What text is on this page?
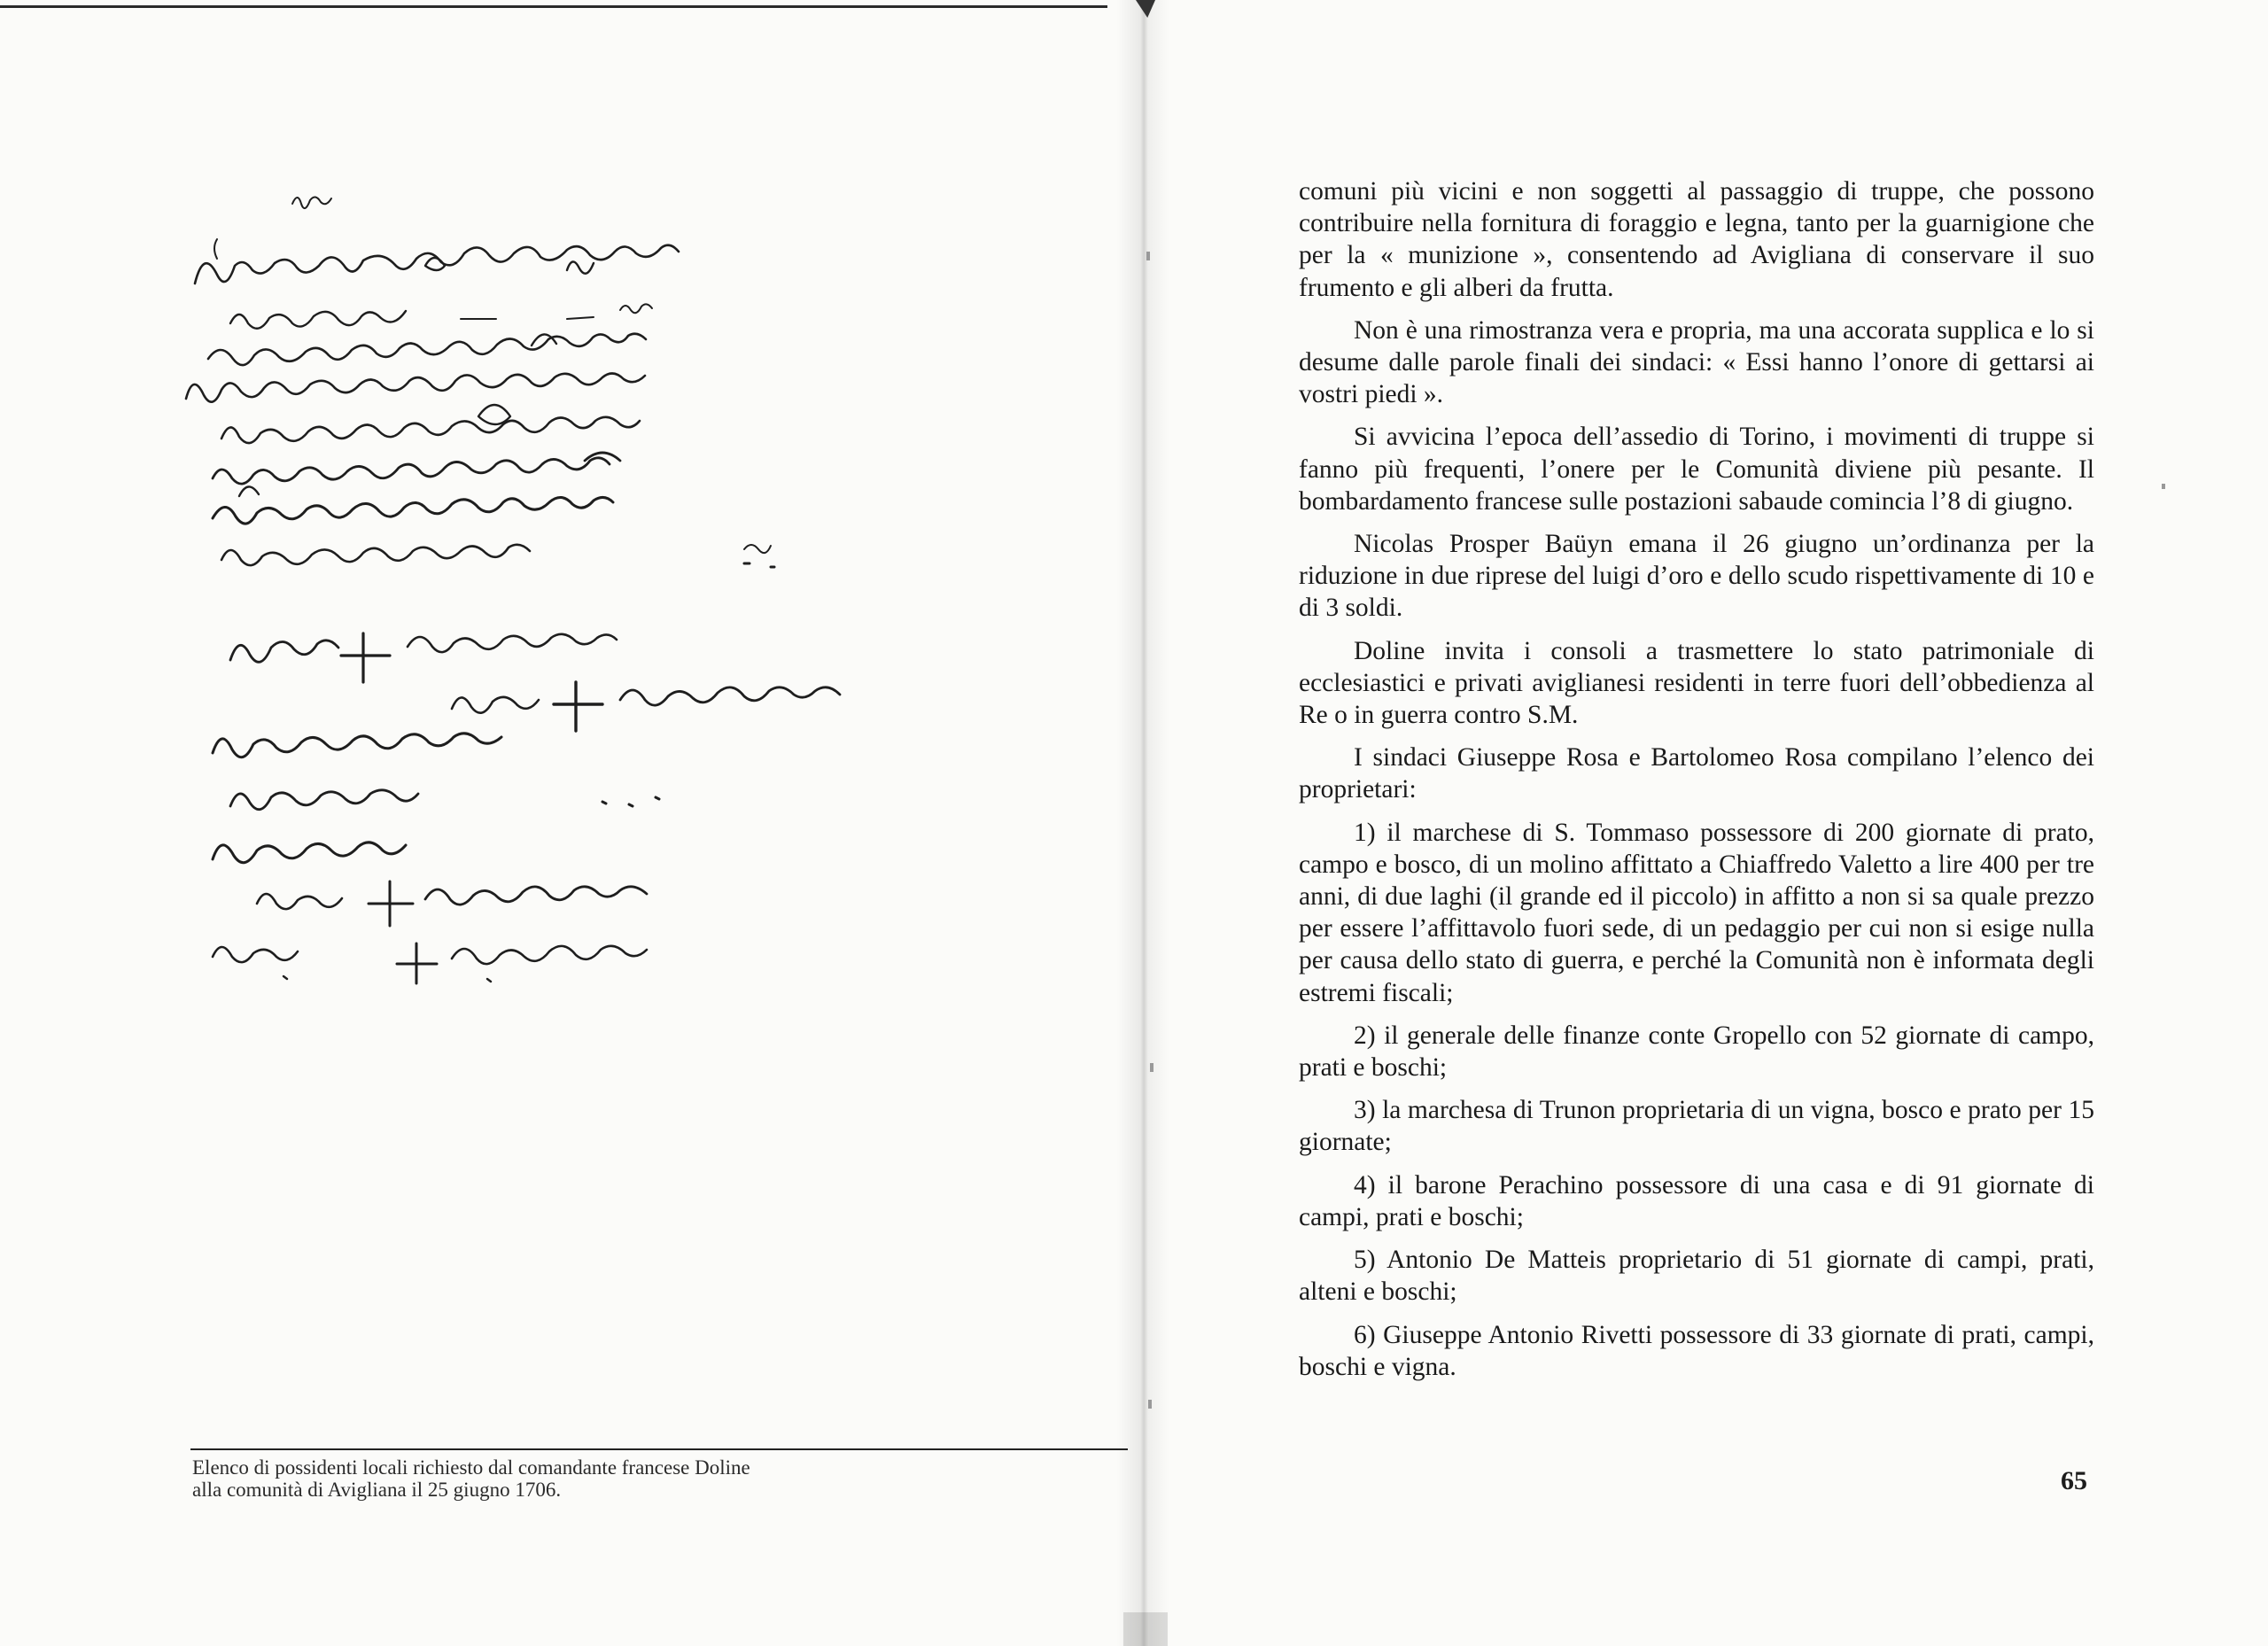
Elenco di possidenti locali richiesto dal comandante francese Doline

alla comunità di Avigliana il 25 giugno 1706.

comuni più vicini e non soggetti al passaggio di truppe, che possono contribuire nella fornitura di foraggio e legna, tanto per la guarnigione che per la « munizione », consentendo ad Avigliana di conservare il suo frumento e gli alberi da frutta.

Non è una rimostranza vera e propria, ma una accorata supplica e lo si desume dalle parole finali dei sindaci: « Essi hanno l’onore di gettarsi ai vostri piedi ».

Si avvicina l’epoca dell’assedio di Torino, i movimenti di truppe si fanno più frequenti, l’onere per le Comunità diviene più pesante. Il bombardamento francese sulle postazioni sabaude comincia l’8 di giugno.

Nicolas Prosper Baüyn emana il 26 giugno un’ordinanza per la riduzione in due riprese del luigi d’oro e dello scudo rispettivamente di 10 e di 3 soldi.

Doline invita i consoli a trasmettere lo stato patrimoniale di ecclesiastici e privati aviglianesi residenti in terre fuori dell’obbedienza al Re o in guerra contro S.M.

I sindaci Giuseppe Rosa e Bartolomeo Rosa compilano l’elenco dei proprietari:

1) il marchese di S. Tommaso possessore di 200 giornate di prato, campo e bosco, di un molino affittato a Chiaffredo Valetto a lire 400 per tre anni, di due laghi (il grande ed il piccolo) in affitto a non si sa quale prezzo per essere l’affittavolo fuori sede, di un pedaggio per cui non si esige nulla per causa dello stato di guerra, e perché la Comunità non è informata degli estremi fiscali;

2) il generale delle finanze conte Gropello con 52 giornate di campo, prati e boschi;

3) la marchesa di Trunon proprietaria di un vigna, bosco e prato per 15 giornate;

4) il barone Perachino possessore di una casa e di 91 giornate di campi, prati e boschi;

5) Antonio De Matteis proprietario di 51 giornate di campi, prati, alteni e boschi;

6) Giuseppe Antonio Rivetti possessore di 33 giornate di prati, campi, boschi e vigna.

65
